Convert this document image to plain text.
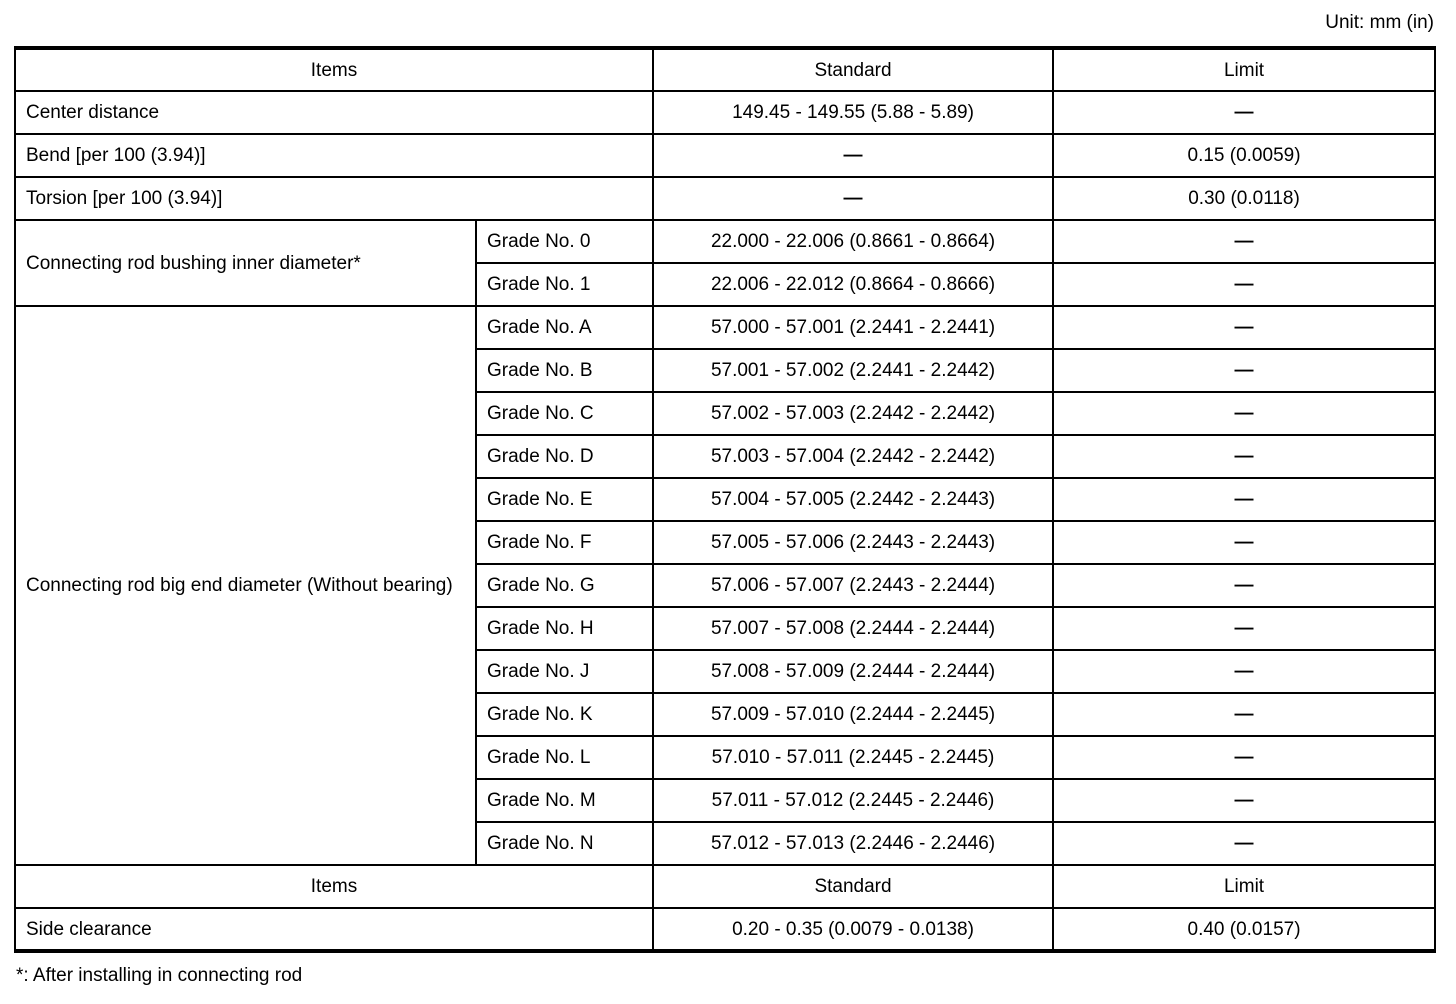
Unit: mm (in)
Items		Standard	Limit
Center distance		149.45 - 149.55 (5.88 - 5.89)	—
Bend [per 100 (3.94)]		—	0.15 (0.0059)
Torsion [per 100 (3.94)]		—	0.30 (0.0118)
Connecting rod bushing inner diameter*	Grade No. 0	22.000 - 22.006 (0.8661 - 0.8664)	—
	Grade No. 1	22.006 - 22.012 (0.8664 - 0.8666)	—
Connecting rod big end diameter (Without bearing)	Grade No. A	57.000 - 57.001 (2.2441 - 2.2441)	—
	Grade No. B	57.001 - 57.002 (2.2441 - 2.2442)	—
	Grade No. C	57.002 - 57.003 (2.2442 - 2.2442)	—
	Grade No. D	57.003 - 57.004 (2.2442 - 2.2442)	—
	Grade No. E	57.004 - 57.005 (2.2442 - 2.2443)	—
	Grade No. F	57.005 - 57.006 (2.2443 - 2.2443)	—
	Grade No. G	57.006 - 57.007 (2.2443 - 2.2444)	—
	Grade No. H	57.007 - 57.008 (2.2444 - 2.2444)	—
	Grade No. J	57.008 - 57.009 (2.2444 - 2.2444)	—
	Grade No. K	57.009 - 57.010 (2.2444 - 2.2445)	—
	Grade No. L	57.010 - 57.011 (2.2445 - 2.2445)	—
	Grade No. M	57.011 - 57.012 (2.2445 - 2.2446)	—
	Grade No. N	57.012 - 57.013 (2.2446 - 2.2446)	—
Items		Standard	Limit
Side clearance		0.20 - 0.35 (0.0079 - 0.0138)	0.40 (0.0157)
*: After installing in connecting rod
